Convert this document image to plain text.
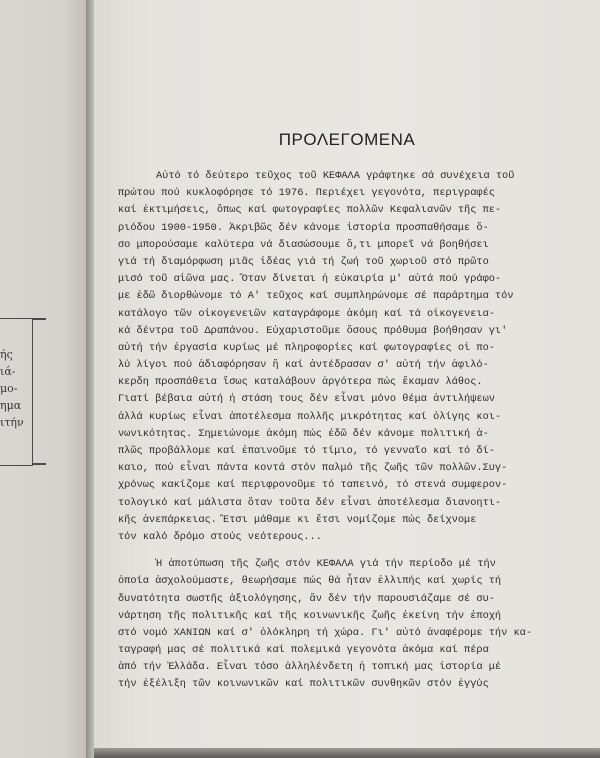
ής
ιά-
μο-
ημα
ιτήν
ΠΡΟΛΕΓΟΜΕΝΑ
Αὐτό τό δεύτερο τεῦχος τοῦ ΚΕΦΑΛΑ γράφτηκε σά συνέχεια τοῦ
πρώτου πού κυκλοφόρησε τό 1976. Περιέχει γεγονότα, περιγραφές
καί ἐκτιμήσεις, ὅπως καί φωτογραφίες πολλῶν Κεφαλιανῶν τῆς πε-
ριόδου 1900-1950. Ἀκριβῶς δέν κάνομε ἱστορία προσπαθήσαμε ὅ-
σο μπορούσαμε καλύτερα νά διασώσουμε ὅ,τι μπορεῖ νά βοηθήσει
γιά τή διαμόρφωση μιᾶς ἰδέας γιά τή ζωή τοῦ χωριοῦ στό πρῶτο
μισό τοῦ αἰῶνα μας. Ὅταν δίνεται ἡ εὐκαιρία μ' αὐτά πού γράφο-
με ἐδῶ διορθώνομε τό Α' τεῦχος καί συμπληρώνομε σέ παράρτημα τόν
κατάλογο τῶν οἰκογενειῶν καταγράφομε ἀκόμη καί τά οἰκογενεια-
κά δέντρα τοῦ Δραπάνου. Εὐχαριστοῦμε ὅσους πρόθυμα βοήθησαν γι'
αὐτή τήν ἐργασία κυρίως μέ πληροφορίες καί φωτογραφίες οἱ πο-
λύ λίγοι πού ἀδιαφόρησαν ἤ καί ἀντέδρασαν σ' αὐτή τήν ἀφιλό-
κερδη προσπάθεια ἴσως καταλάβουν ἀργότερα πώς ἔκαμαν λάθος.
Γιατί βέβαια αὐτή ἡ στάση τους δέν εἶναι μόνο θέμα ἀντιλήψεων
ἀλλά κυρίως εἶναι ἀποτέλεσμα πολλῆς μικρότητας καί ὀλίγης κοι-
νωνικότητας. Σημειώνομε ἀκόμη πώς ἐδῶ δέν κάνομε πολιτική ἁ-
πλῶς προβάλλομε καί ἐπαινοῦμε τό τίμιο, τό γενναῖο καί τό δί-
καιο, πού εἶναι πάντα κοντά στόν παλμό τῆς ζωῆς τῶν πολλῶν.Συγ-
χρόνως κακίζομε καί περιφρονοῦμε τό ταπεινό, τό στενά συμφερον-
τολογικό καί μάλιστα ὅταν τοῦτα δέν εἶναι ἀποτέλεσμα διανοητι-
κῆς ἀνεπάρκειας. Ἔτσι μάθαμε κι ἔτσι νομίζομε πώς δείχνομε
τόν καλό δρόμο στούς νεότερους...
Ἡ ἀποτύπωση τῆς ζωῆς στόν ΚΕΦΑΛΑ γιά τήν περίοδο μέ τήν
ὁποία ἀσχολούμαστε, θεωρήσαμε πώς θά ἦταν ἐλλιπής καί χωρίς τή
δυνατότητα σωστῆς ἀξιολόγησης, ἄν δέν τήν παρουσιάζαμε σέ συ-
νάρτηση τῆς πολιτικῆς καί τῆς κοινωνικῆς ζωῆς ἐκείνη τήν ἐποχή
στό νομό ΧΑΝΙΩΝ καί σ' ὁλόκληρη τή χώρα. Γι' αὐτό ἀναφέρομε τήν κα-
ταγραφή μας σέ πολιτικά καί πολεμικά γεγονότα ἀκόμα καί πέρα
ἀπό τήν Ἑλλάδα. Εἶναι τόσο ἀλληλένδετη ἡ τοπική μας ἱστορία μέ
τήν ἐξέλιξη τῶν κοινωνικῶν καί πολιτικῶν συνθηκῶν στόν ἐγγύς
